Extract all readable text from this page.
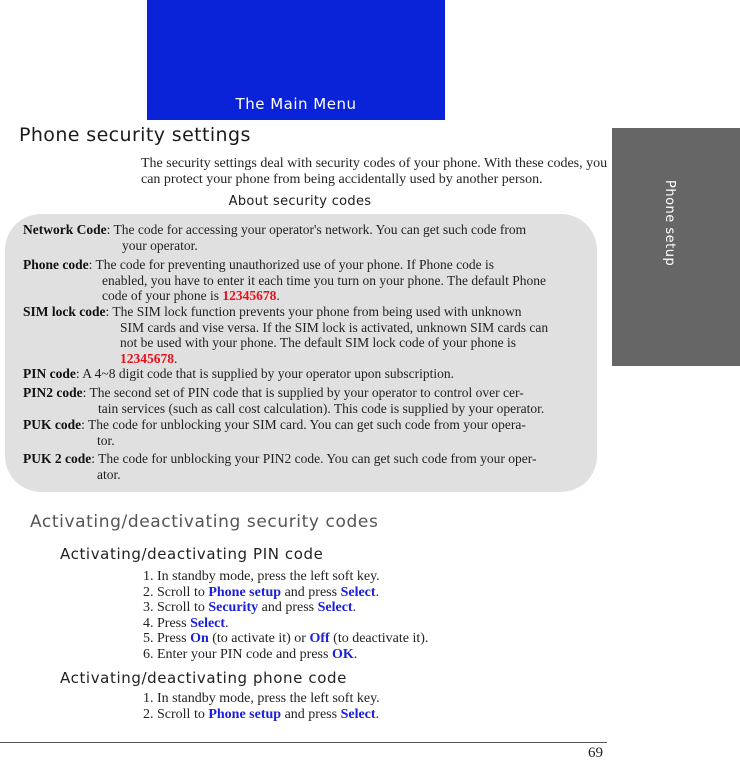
The Main Menu
Phone setup
Phone security settings
The security settings deal with security codes of your phone. With these codes, you can protect your phone from being accidentally used by another person.
About security codes
Network Code: The code for accessing your operator's network. You can get such code from
your operator.
Phone code: The code for preventing unauthorized use of your phone. If Phone code is
enabled, you have to enter it each time you turn on your phone. The default Phone
code of your phone is 12345678.
SIM lock code: The SIM lock function prevents your phone from being used with unknown
SIM cards and vise versa. If the SIM lock is activated, unknown SIM cards can
not be used with your phone. The default SIM lock code of your phone is
12345678.
PIN code: A 4~8 digit code that is supplied by your operator upon subscription.
PIN2 code: The second set of PIN code that is supplied by your operator to control over cer-
tain services (such as call cost calculation). This code is supplied by your operator.
PUK code: The code for unblocking your SIM card. You can get such code from your opera-
tor.
PUK 2 code: The code for unblocking your PIN2 code. You can get such code from your oper-
ator.
Activating/deactivating security codes
Activating/deactivating PIN code
1. In standby mode, press the left soft key.
2. Scroll to Phone setup and press Select.
3. Scroll to Security and press Select.
4. Press Select.
5. Press On (to activate it) or Off (to deactivate it).
6. Enter your PIN code and press OK.
Activating/deactivating phone code
1. In standby mode, press the left soft key.
2. Scroll to Phone setup and press Select.
69
